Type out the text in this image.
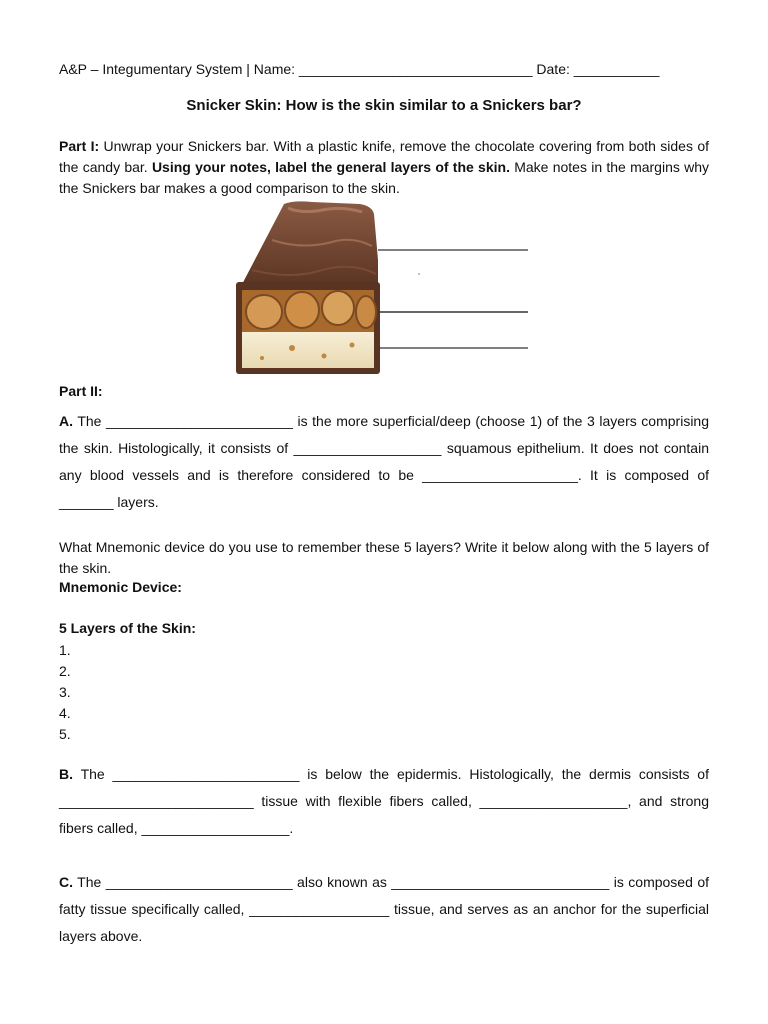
A&P – Integumentary System | Name: ______________________________ Date: ___________
Snicker Skin: How is the skin similar to a Snickers bar?
Part I: Unwrap your Snickers bar. With a plastic knife, remove the chocolate covering from both sides of the candy bar. Using your notes, label the general layers of the skin. Make notes in the margins why the Snickers bar makes a good comparison to the skin.
Part II:
A. The ________________________ is the more superficial/deep (choose 1) of the 3 layers comprising the skin. Histologically, it consists of ___________________ squamous epithelium. It does not contain any blood vessels and is therefore considered to be ____________________. It is composed of _______ layers.
What Mnemonic device do you use to remember these 5 layers? Write it below along with the 5 layers of the skin.
Mnemonic Device:
5 Layers of the Skin:
1.
2.
3.
4.
5.
B. The ________________________ is below the epidermis. Histologically, the dermis consists of _________________________ tissue with flexible fibers called, ___________________, and strong fibers called, ___________________.
C. The ________________________ also known as ____________________________ is composed of fatty tissue specifically called, __________________ tissue, and serves as an anchor for the superficial layers above.
